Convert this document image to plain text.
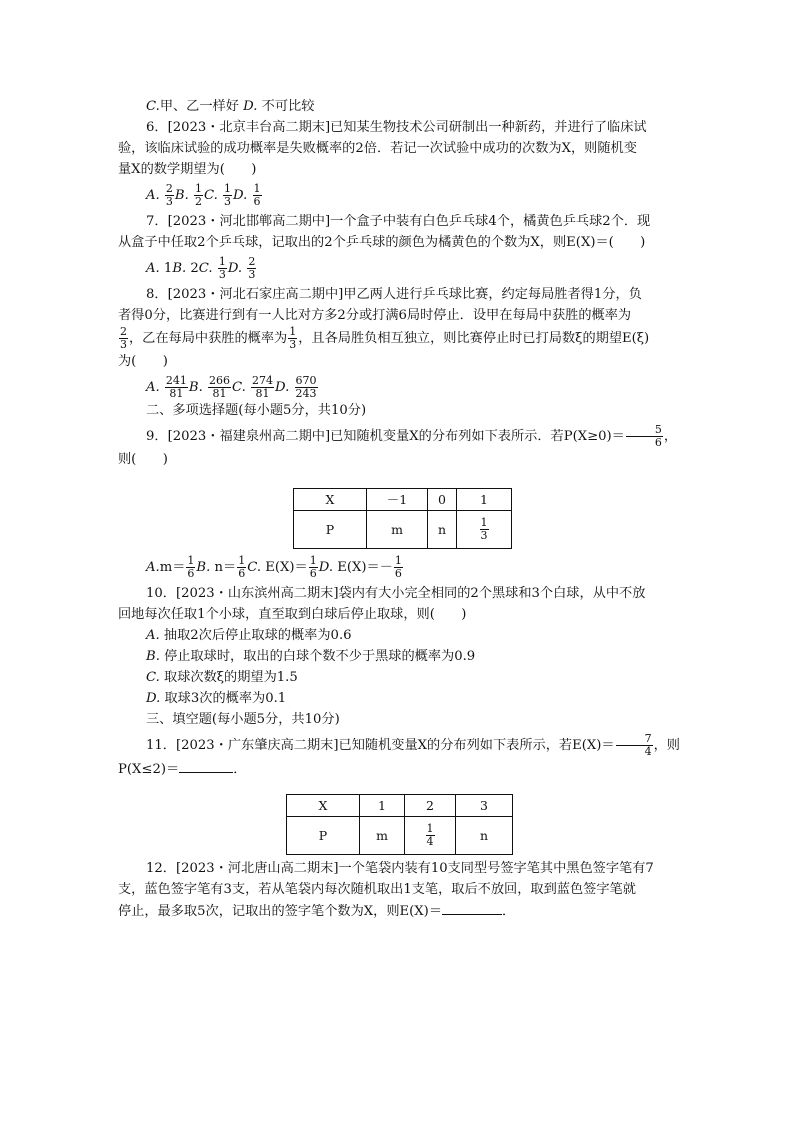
C.甲、乙一样好 D. 不可比较

6．[2023・北京丰台高二期末]已知某生物技术公司研制出一种新药，并进行了临床试

验，该临床试验的成功概率是失败概率的2倍．若记一次试验中成功的次数为X，则随机变

量X的数学期望为(　　)

A. $\frac{2}{3} B$. $\frac{1}{2} C$. $\frac{1}{3} D$. $\frac{1}{6}$

7．[2023・河北邯郸高二期中]一个盒子中装有白色乒乓球4个，橘黄色乒乓球2个．现

从盒子中任取2个乒乓球，记取出的2个乒乓球的颜色为橘黄色的个数为X，则E(X)＝(　　)

A. 1B. 2C. $\frac{1}{3} D$. $\frac{2}{3}$

8．[2023・河北石家庄高二期中]甲乙两人进行乒乓球比赛，约定每局胜者得1分，负

者得0分，比赛进行到有一人比对方多2分或打满6局时停止．设甲在每局中获胜的概率为

$\frac{2}{3}$ ，乙在每局中获胜的概率为 $\frac{1}{3}$ ，且各局胜负相互独立，则比赛停止时已打局数ξ的期望E(ξ)

为(　　)

A. $\frac{241}{81} B$. $\frac{266}{81} C$. $\frac{274}{81} D$. $\frac{670}{243}$

二、多项选择题(每小题5分，共10分)

9．[2023・福建泉州高二期中]已知随机变量X的分布列如下表所示．若$P(X\ge 0)= \frac{5}{6}$ ，

则(　　)

X	－1	0	1
P	m	n	$\frac{1}{3}$

$A.m= \frac{1}{6} B$. $n= \frac{1}{6} C$. $E(X)= \frac{1}{6} D$. $E(X)=- \frac{1}{6}$

10．[2023・山东滨州高二期末]袋内有大小完全相同的2个黑球和3个白球，从中不放

回地每次任取1个小球，直至取到白球后停止取球，则(　　)

A. 抽取2次后停止取球的概率为0.6

B. 停止取球时，取出的白球个数不少于黑球的概率为0.9

C. 取球次数ξ的期望为1.5

D. 取球3次的概率为0.1

三、填空题(每小题5分，共10分)

11．[2023・广东肇庆高二期末]已知随机变量X的分布列如下表所示，若$E(X)= \frac{7}{4}$ ，则

P(X≤2)＝	．

X	1	2	3
P	m	$\frac{1}{4}$	n

12．[2023・河北唐山高二期末]一个笔袋内装有10支同型号签字笔其中黑色签字笔有7

支，蓝色签字笔有3支，若从笔袋内每次随机取出1支笔，取后不放回，取到蓝色签字笔就

停止，最多取5次，记取出的签字笔个数为X，则E(X)＝	．
